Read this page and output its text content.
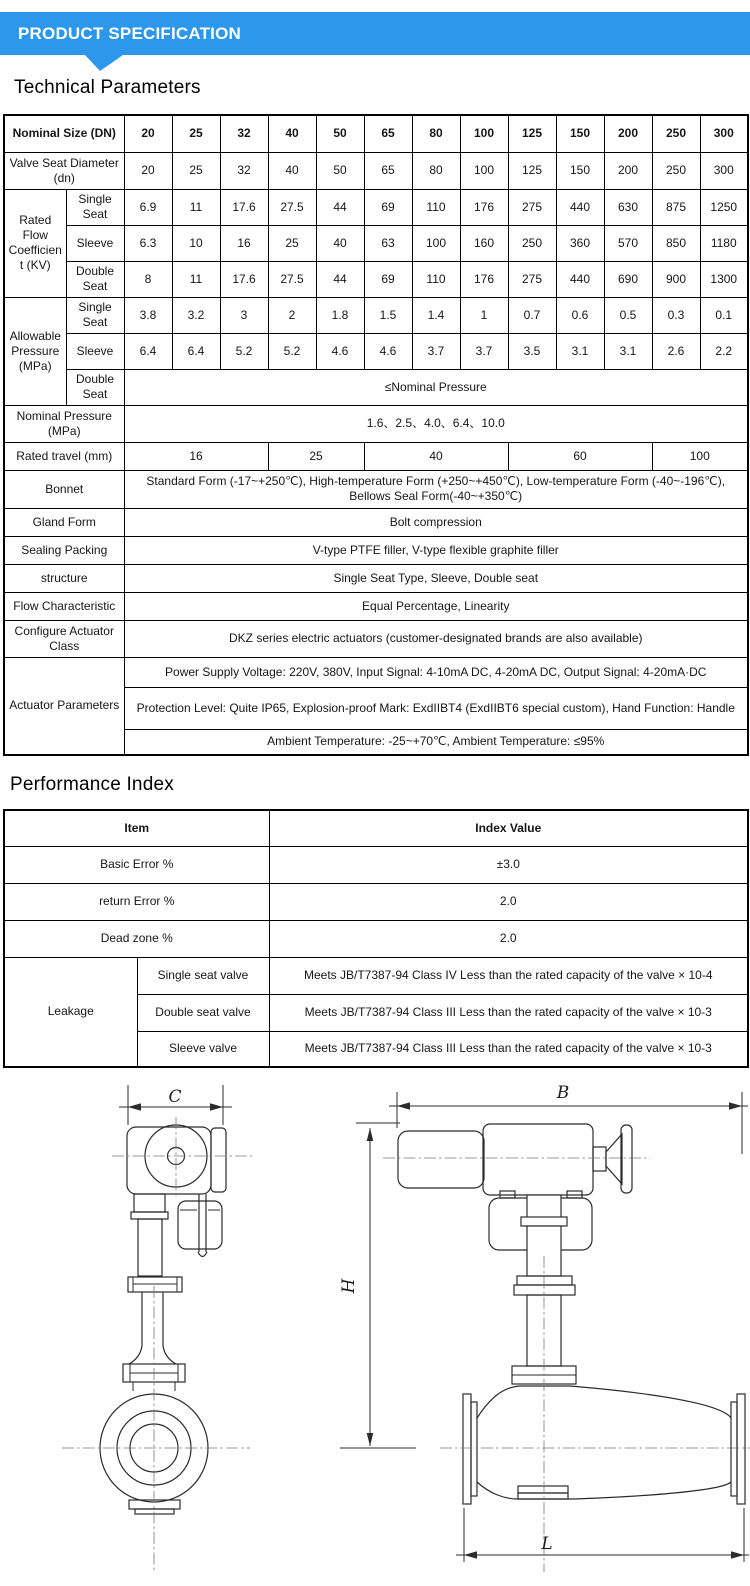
PRODUCT SPECIFICATION
Technical Parameters
Nominal Size (DN)		20	25	32	40	50	65	80	100	125	150	200	250	300
Valve Seat Diameter (dn)		20	25	32	40	50	65	80	100	125	150	200	250	300
Rated Flow Coefficient (KV)	Single Seat	6.9	11	17.6	27.5	44	69	110	176	275	440	630	875	1250
	Sleeve	6.3	10	16	25	40	63	100	160	250	360	570	850	1180
	Double Seat	8	11	17.6	27.5	44	69	110	176	275	440	690	900	1300
Allowable Pressure (MPa)	Single Seat	3.8	3.2	3	2	1.8	1.5	1.4	1	0.7	0.6	0.5	0.3	0.1
	Sleeve	6.4	6.4	5.2	5.2	4.6	4.6	3.7	3.7	3.5	3.1	3.1	2.6	2.2
	Double Seat	≤Nominal Pressure												
Nominal Pressure (MPa)		1.6、2.5、4.0、6.4、10.0												
Rated travel (mm)		16			25		40			60			100	
Bonnet		Standard Form (-17~+250℃), High-temperature Form (+250~+450℃), Low-temperature Form (-40~-196℃), Bellows Seal Form(-40~+350℃)												
Gland Form		Bolt compression												
Sealing Packing		V-type PTFE filler, V-type flexible graphite filler												
structure		Single Seat Type, Sleeve, Double seat												
Flow Characteristic		Equal Percentage, Linearity												
Configure Actuator Class		DKZ series electric actuators (customer-designated brands are also available)												
Actuator Parameters		Power Supply Voltage: 220V, 380V, Input Signal: 4-10mA DC, 4-20mA DC, Output Signal: 4-20mA·DC												
		Protection Level: Quite IP65, Explosion-proof Mark: ExdIIBT4 (ExdIIBT6 special custom), Hand Function: Handle												
		Ambient Temperature: -25~+70℃, Ambient Temperature: ≤95%												
Performance Index
Item		Index Value
Basic Error %		±3.0
return Error %		2.0
Dead zone %		2.0
Leakage	Single seat valve	Meets JB/T7387-94 Class IV Less than the rated capacity of the valve × 10-4
	Double seat valve	Meets JB/T7387-94 Class III Less than the rated capacity of the valve × 10-3
	Sleeve valve	Meets JB/T7387-94 Class III Less than the rated capacity of the valve × 10-3
C
H
B
L
